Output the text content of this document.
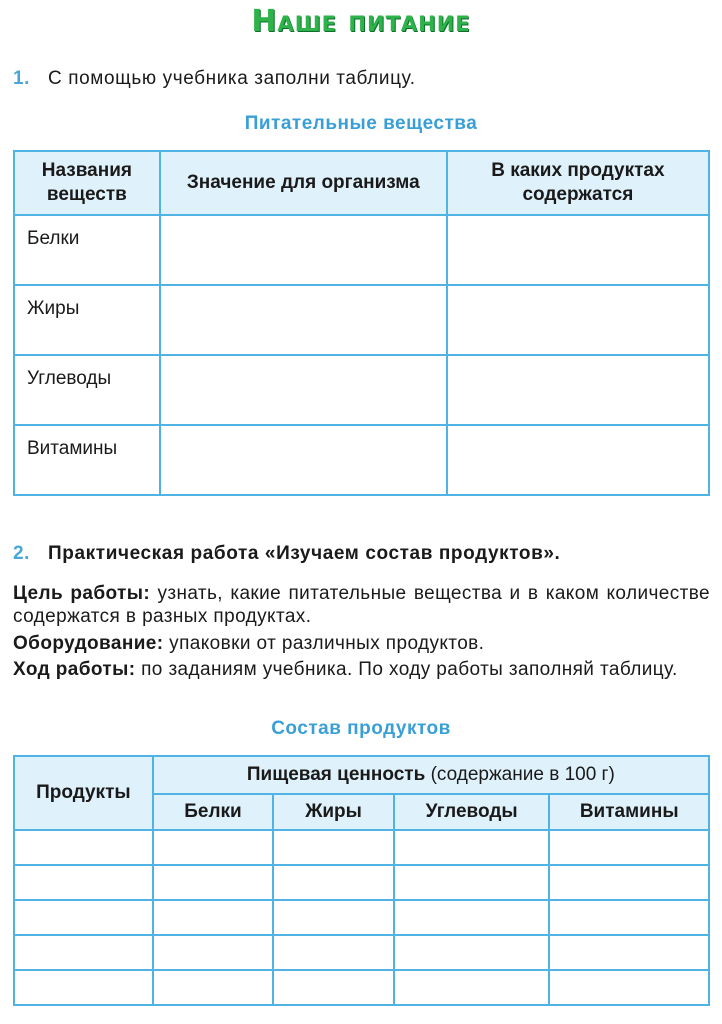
Наше питание
1. С помощью учебника заполни таблицу.
Питательные вещества
Названия веществ	Значение для организма	В каких продуктах содержатся
Белки		
Жиры		
Углеводы		
Витамины		
2. Практическая работа «Изучаем состав продуктов».
Цель работы: узнать, какие питательные вещества и в каком количестве содержатся в разных продуктах.
Оборудование: упаковки от различных продуктов.
Ход работы: по заданиям учебника. По ходу работы заполняй таблицу.
Состав продуктов
Продукты	Пищевая ценность (содержание в 100 г)			
	Белки	Жиры	Углеводы	Витамины
